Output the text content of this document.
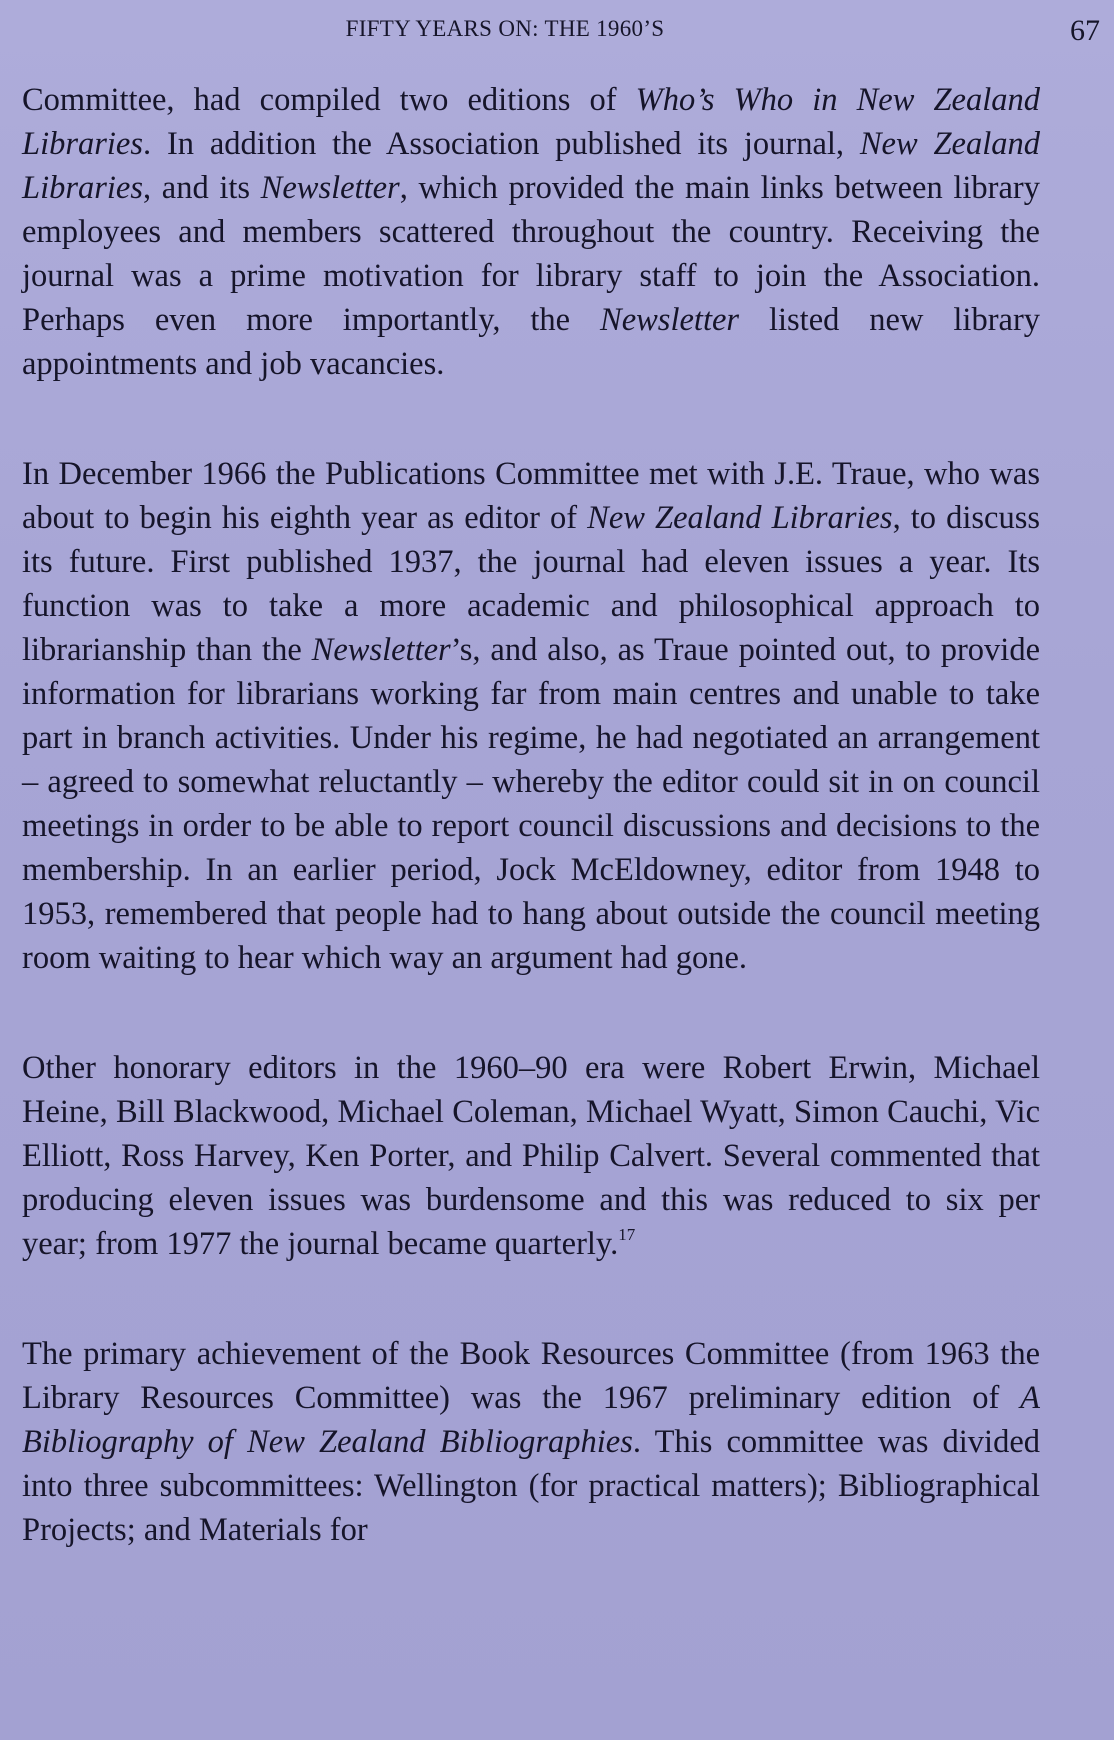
FIFTY YEARS ON: THE 1960’S	67

Committee, had compiled two editions of Who’s Who in New Zealand Libraries. In addition the Association published its journal, New Zealand Libraries, and its Newsletter, which provided the main links between library employees and members scattered throughout the country. Receiving the journal was a prime motivation for library staff to join the Association. Perhaps even more importantly, the Newsletter listed new library appointments and job vacancies.

In December 1966 the Publications Committee met with J.E. Traue, who was about to begin his eighth year as editor of New Zealand Libraries, to discuss its future. First published 1937, the journal had eleven issues a year. Its function was to take a more academic and philosophical approach to librarianship than the Newsletter’s, and also, as Traue pointed out, to provide information for librarians working far from main centres and unable to take part in branch activities. Under his regime, he had negotiated an arrangement – agreed to somewhat reluctantly – whereby the editor could sit in on council meetings in order to be able to report council discussions and decisions to the membership. In an earlier period, Jock McEldowney, editor from 1948 to 1953, remembered that people had to hang about outside the council meeting room waiting to hear which way an argument had gone.

Other honorary editors in the 1960–90 era were Robert Erwin, Michael Heine, Bill Blackwood, Michael Coleman, Michael Wyatt, Simon Cauchi, Vic Elliott, Ross Harvey, Ken Porter, and Philip Calvert. Several commented that producing eleven issues was burdensome and this was reduced to six per year; from 1977 the journal became quarterly.$^{17}$

The primary achievement of the Book Resources Committee (from 1963 the Library Resources Committee) was the 1967 preliminary edition of A Bibliography of New Zealand Bibliographies. This committee was divided into three subcommittees: Wellington (for practical matters); Bibliographical Projects; and Materials for
